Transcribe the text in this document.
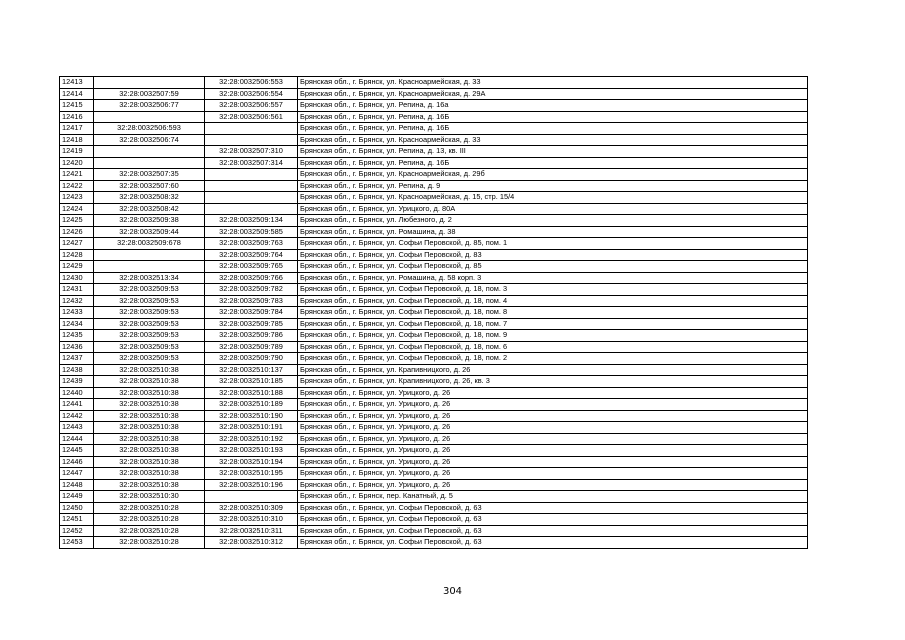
12413		32:28:0032506:553	Брянская обл., г. Брянск, ул. Красноармейская, д. 33
12414	32:28:0032507:59	32:28:0032506:554	Брянская обл., г. Брянск, ул. Красноармейская, д. 29А
12415	32:28:0032506:77	32:28:0032506:557	Брянская обл., г. Брянск, ул. Репина, д. 16а
12416		32:28:0032506:561	Брянская обл., г. Брянск, ул. Репина, д. 16Б
12417	32:28:0032506:593		Брянская обл., г. Брянск, ул. Репина, д. 16Б
12418	32:28:0032506:74		Брянская обл., г. Брянск, ул. Красноармейская, д. 33
12419		32:28:0032507:310	Брянская обл., г. Брянск, ул. Репина, д. 13, кв. III
12420		32:28:0032507:314	Брянская обл., г. Брянск, ул. Репина, д. 16Б
12421	32:28:0032507:35		Брянская обл., г. Брянск, ул. Красноармейская, д. 29б
12422	32:28:0032507:60		Брянская обл., г. Брянск, ул. Репина, д. 9
12423	32:28:0032508:32		Брянская обл., г. Брянск, ул. Красноармейская, д. 15, стр. 15/4
12424	32:28:0032508:42		Брянская обл., г. Брянск, ул. Урицкого, д. 80А
12425	32:28:0032509:38	32:28:0032509:134	Брянская обл., г. Брянск, ул. Любезного, д. 2
12426	32:28:0032509:44	32:28:0032509:585	Брянская обл., г. Брянск, ул. Ромашина, д. 38
12427	32:28:0032509:678	32:28:0032509:763	Брянская обл., г. Брянск, ул. Софьи Перовской, д. 85, пом. 1
12428		32:28:0032509:764	Брянская обл., г. Брянск, ул. Софьи Перовской, д. 83
12429		32:28:0032509:765	Брянская обл., г. Брянск, ул. Софьи Перовской, д. 85
12430	32:28:0032513:34	32:28:0032509:766	Брянская обл., г. Брянск, ул. Ромашина, д. 58 корп. 3
12431	32:28:0032509:53	32:28:0032509:782	Брянская обл., г. Брянск, ул. Софьи Перовской, д. 18, пом. 3
12432	32:28:0032509:53	32:28:0032509:783	Брянская обл., г. Брянск, ул. Софьи Перовской, д. 18, пом. 4
12433	32:28:0032509:53	32:28:0032509:784	Брянская обл., г. Брянск, ул. Софьи Перовской, д. 18, пом. 8
12434	32:28:0032509:53	32:28:0032509:785	Брянская обл., г. Брянск, ул. Софьи Перовской, д. 18, пом. 7
12435	32:28:0032509:53	32:28:0032509:786	Брянская обл., г. Брянск, ул. Софьи Перовской, д. 18, пом. 9
12436	32:28:0032509:53	32:28:0032509:789	Брянская обл., г. Брянск, ул. Софьи Перовской, д. 18, пом. 6
12437	32:28:0032509:53	32:28:0032509:790	Брянская обл., г. Брянск, ул. Софьи Перовской, д. 18, пом. 2
12438	32:28:0032510:38	32:28:0032510:137	Брянская обл., г. Брянск, ул. Крапивницкого, д. 26
12439	32:28:0032510:38	32:28:0032510:185	Брянская обл., г. Брянск, ул. Крапивницкого, д. 26, кв. 3
12440	32:28:0032510:38	32:28:0032510:188	Брянская обл., г. Брянск, ул. Урицкого, д. 26
12441	32:28:0032510:38	32:28:0032510:189	Брянская обл., г. Брянск, ул. Урицкого, д. 26
12442	32:28:0032510:38	32:28:0032510:190	Брянская обл., г. Брянск, ул. Урицкого, д. 26
12443	32:28:0032510:38	32:28:0032510:191	Брянская обл., г. Брянск, ул. Урицкого, д. 26
12444	32:28:0032510:38	32:28:0032510:192	Брянская обл., г. Брянск, ул. Урицкого, д. 26
12445	32:28:0032510:38	32:28:0032510:193	Брянская обл., г. Брянск, ул. Урицкого, д. 26
12446	32:28:0032510:38	32:28:0032510:194	Брянская обл., г. Брянск, ул. Урицкого, д. 26
12447	32:28:0032510:38	32:28:0032510:195	Брянская обл., г. Брянск, ул. Урицкого, д. 26
12448	32:28:0032510:38	32:28:0032510:196	Брянская обл., г. Брянск, ул. Урицкого, д. 26
12449	32:28:0032510:30		Брянская обл., г. Брянск, пер. Канатный, д. 5
12450	32:28:0032510:28	32:28:0032510:309	Брянская обл., г. Брянск, ул. Софьи Перовской, д. 63
12451	32:28:0032510:28	32:28:0032510:310	Брянская обл., г. Брянск, ул. Софьи Перовской, д. 63
12452	32:28:0032510:28	32:28:0032510:311	Брянская обл., г. Брянск, ул. Софьи Перовской, д. 63
12453	32:28:0032510:28	32:28:0032510:312	Брянская обл., г. Брянск, ул. Софьи Перовской, д. 63
304
